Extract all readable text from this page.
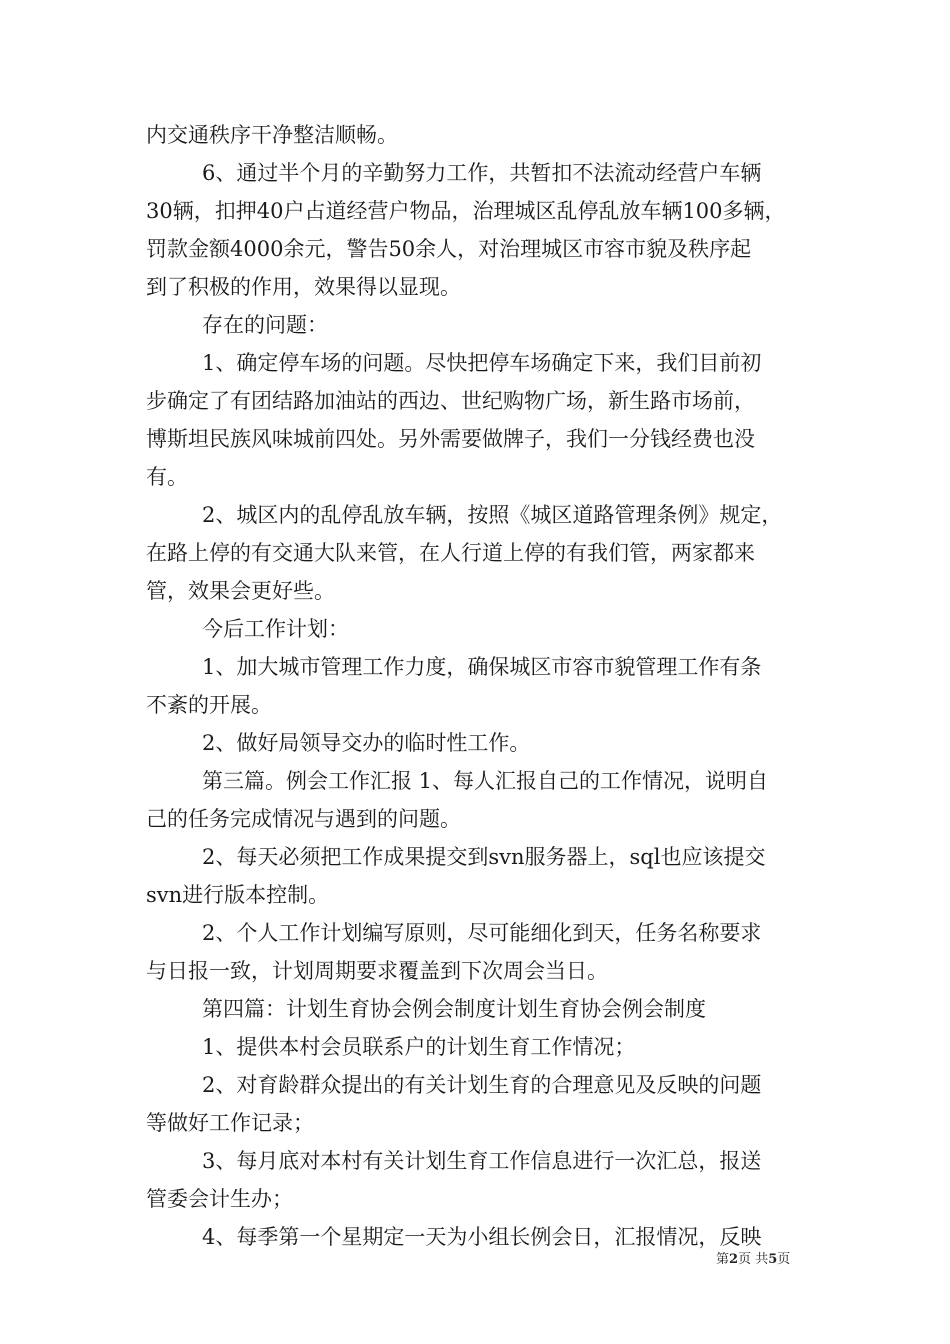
内交通秩序干净整洁顺畅。
6、通过半个月的辛勤努力工作，共暂扣不法流动经营户车辆
30辆，扣押40户占道经营户物品，治理城区乱停乱放车辆100多辆，
罚款金额4000余元，警告50余人，对治理城区市容市貌及秩序起
到了积极的作用，效果得以显现。
存在的问题：
1、确定停车场的问题。尽快把停车场确定下来，我们目前初
步确定了有团结路加油站的西边、世纪购物广场，新生路市场前，
博斯坦民族风味城前四处。另外需要做牌子，我们一分钱经费也没
有。
2、城区内的乱停乱放车辆，按照《城区道路管理条例》规定，
在路上停的有交通大队来管，在人行道上停的有我们管，两家都来
管，效果会更好些。
今后工作计划：
1、加大城市管理工作力度，确保城区市容市貌管理工作有条
不紊的开展。
2、做好局领导交办的临时性工作。
第三篇。例会工作汇报 1、每人汇报自己的工作情况，说明自
己的任务完成情况与遇到的问题。
2、每天必须把工作成果提交到svn服务器上，sql也应该提交
svn进行版本控制。
2、个人工作计划编写原则，尽可能细化到天，任务名称要求
与日报一致，计划周期要求覆盖到下次周会当日。
第四篇：计划生育协会例会制度计划生育协会例会制度
1、提供本村会员联系户的计划生育工作情况；
2、对育龄群众提出的有关计划生育的合理意见及反映的问题
等做好工作记录；
3、每月底对本村有关计划生育工作信息进行一次汇总，报送
管委会计生办；
4、每季第一个星期定一天为小组长例会日，汇报情况，反映
第2页 共5页
